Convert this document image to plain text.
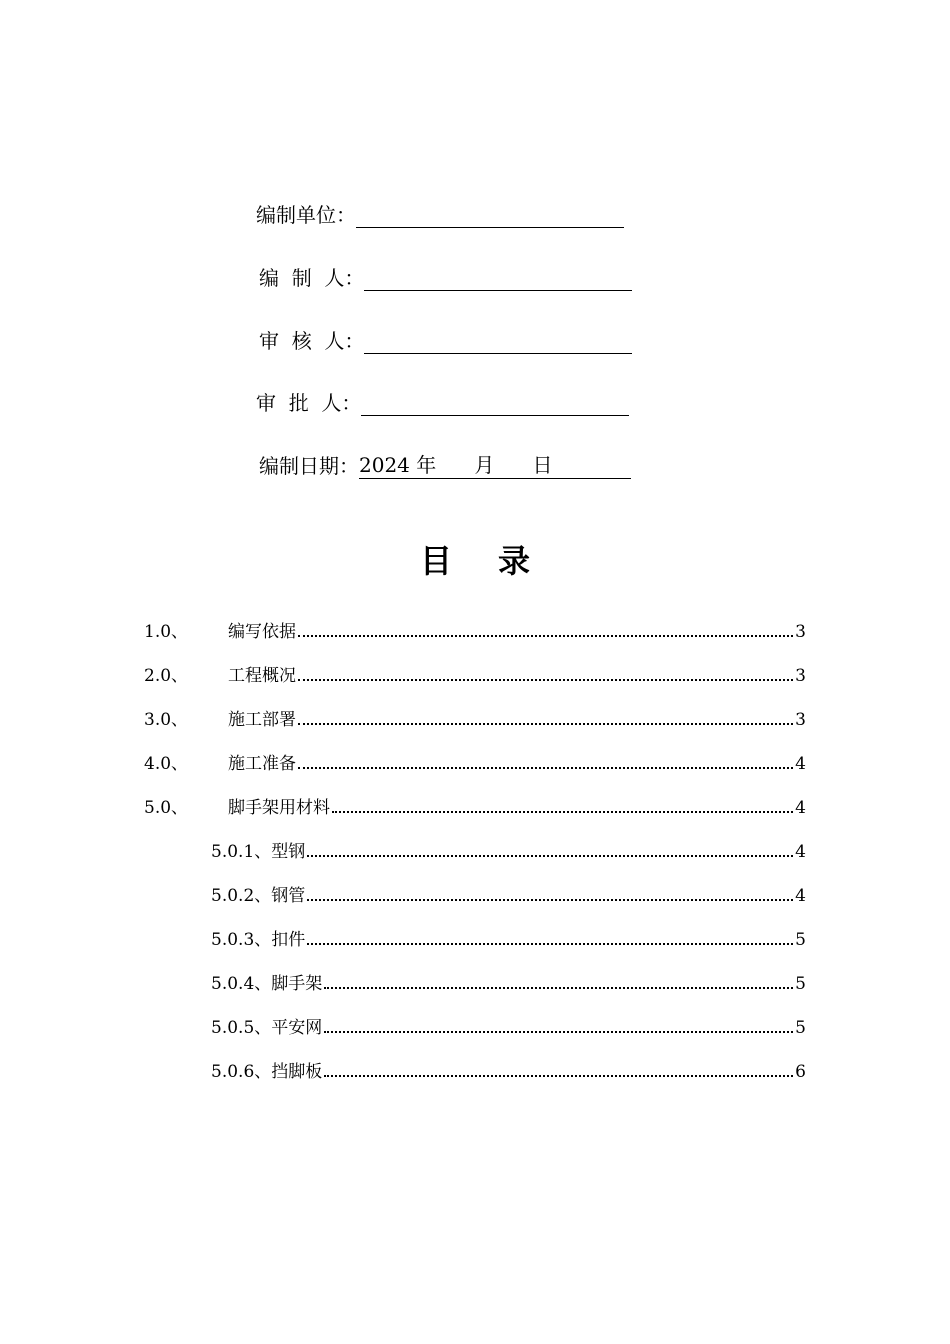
编制单位：
编  制  人：
审  核  人：
审  批  人：
编制日期： 2024 年      月      日
目 录
1.0、 编写依据	3
2.0、 工程概况	3
3.0、 施工部署	3
4.0、 施工准备	4
5.0、 脚手架用材料	4
5.0.1、型钢	4
5.0.2、钢管	4
5.0.3、扣件	5
5.0.4、脚手架	5
5.0.5、平安网	5
5.0.6、挡脚板	6
